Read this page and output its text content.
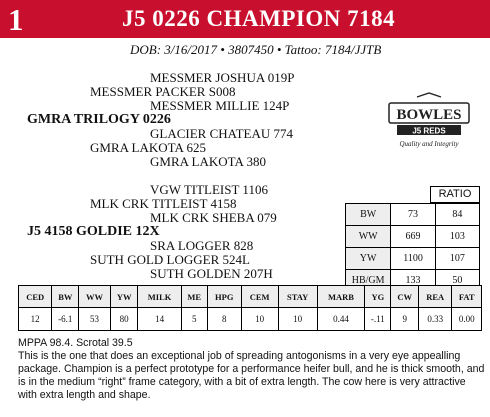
1	J5 0226 CHAMPION 7184
DOB: 3/16/2017 • 3807450 • Tattoo: 7184/JJTB
MESSMER JOSHUA 019P
MESSMER PACKER S008
MESSMER MILLIE 124P
GMRA TRILOGY 0226
GLACIER CHATEAU 774
GMRA LAKOTA 625
GMRA LAKOTA 380
VGW TITLEIST 1106
MLK CRK TITLEIST 4158
MLK CRK SHEBA 079
J5 4158 GOLDIE 12X
SRA LOGGER 828
SUTH GOLD LOGGER 524L
SUTH GOLDEN 207H
BOWLES
J5 REDS
Quality and Integrity
RATIO
BW	73	84
WW	669	103
YW	1100	107
HB/GM	133	50
CED	BW	WW	YW	MILK	ME	HPG	CEM	STAY	MARB	YG	CW	REA	FAT
12	-6.1	53	80	14	5	8	10	10	0.44	-.11	9	0.33	0.00
MPPA 98.4. Scrotal 39.5
This is the one that does an exceptional job of spreading antogonisms in a very eye appealling package. Champion is a perfect prototype for a performance heifer bull, and he is thick smooth, and is in the medium “right” frame category, with a bit of extra length. The cow here is very attractive with extra length and shape.
